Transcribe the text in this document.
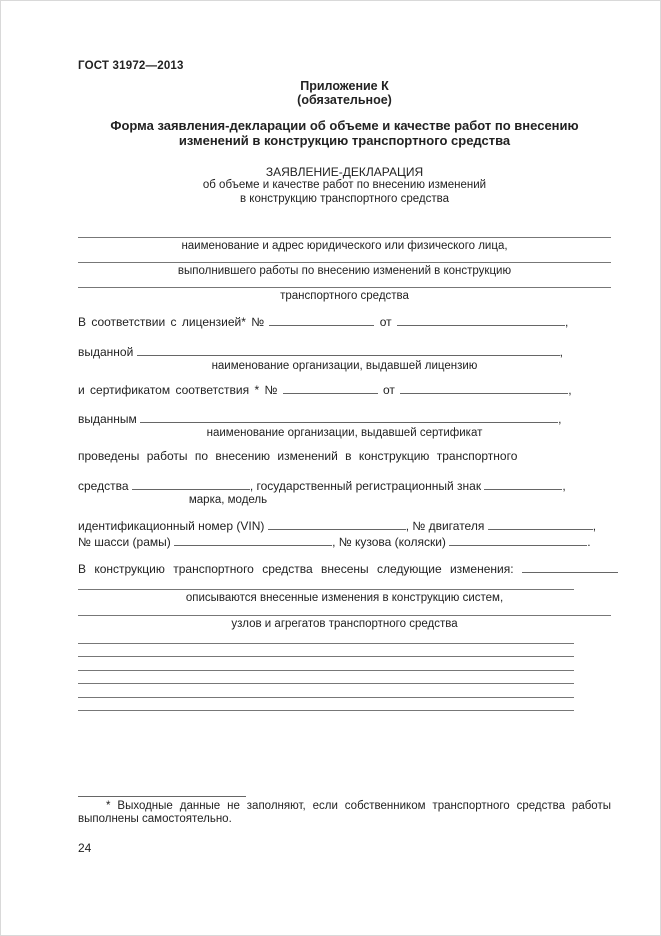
ГОСТ 31972—2013
Приложение К
(обязательное)
Форма заявления-декларации об объеме и качестве работ по внесению изменений в конструкцию транспортного средства
ЗАЯВЛЕНИЕ-ДЕКЛАРАЦИЯ
об объеме и качестве работ по внесению изменений
в конструкцию транспортного средства
наименование и адрес юридического или физического лица,
выполнившего работы по внесению изменений в конструкцию
транспортного средства
В соответствии с лицензией* №	от	,
выданной	,
наименование организации, выдавшей лицензию
и сертификатом соответствия * №	от	,
выданным	,
наименование организации, выдавшей сертификат
проведены работы по внесению изменений в конструкцию транспортного
средства	, государственный регистрационный знак	,
марка, модель
идентификационный номер (VIN)	, № двигателя	,
№ шасси (рамы)	, № кузова (коляски)	.
В конструкцию транспортного средства внесены следующие изменения:
описываются внесенные изменения в конструкцию систем,
узлов и агрегатов транспортного средства
* Выходные данные не заполняют, если собственником транспортного средства работы
выполнены самостоятельно.
24
